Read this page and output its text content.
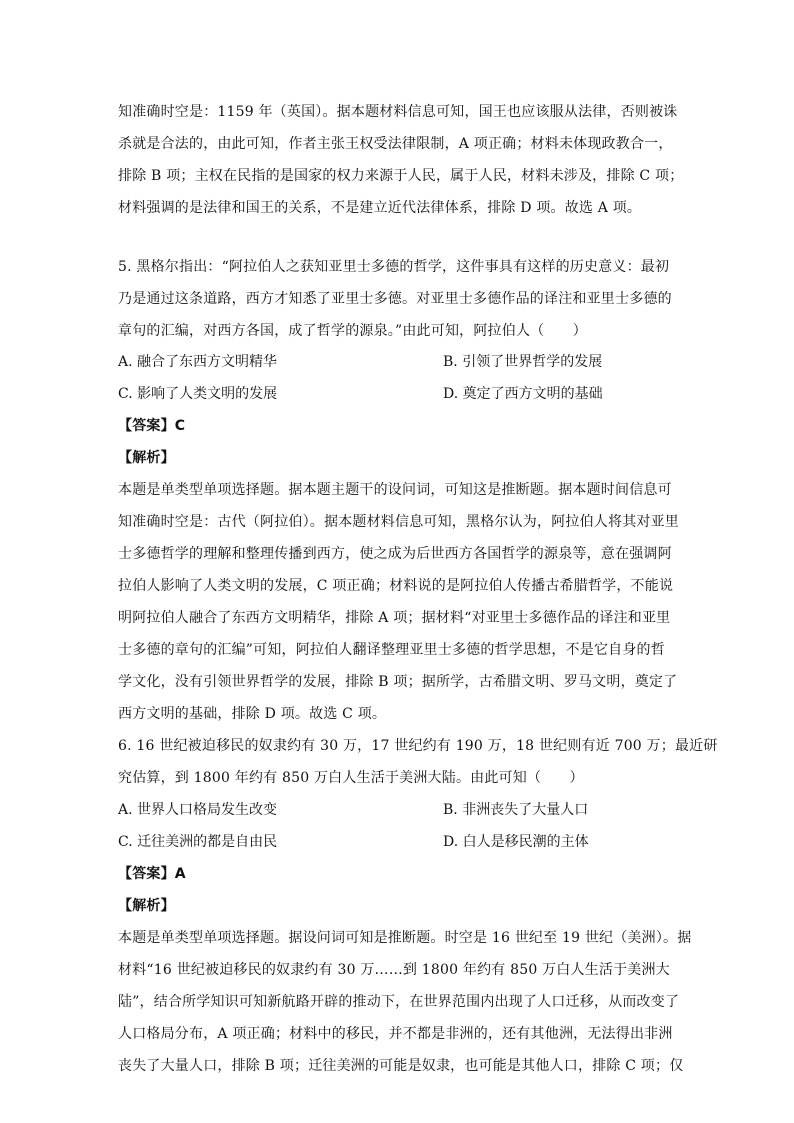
知准确时空是：1159 年（英国）。据本题材料信息可知，国王也应该服从法律，否则被诛
杀就是合法的，由此可知，作者主张王权受法律限制，A 项正确；材料未体现政教合一，
排除 B 项；主权在民指的是国家的权力来源于人民，属于人民，材料未涉及，排除 C 项；
材料强调的是法律和国王的关系，不是建立近代法律体系，排除 D 项。故选 A 项。
5. 黑格尔指出：“阿拉伯人之获知亚里士多德的哲学，这件事具有这样的历史意义：最初
乃是通过这条道路，西方才知悉了亚里士多德。对亚里士多德作品的译注和亚里士多德的
章句的汇编，对西方各国，成了哲学的源泉。”由此可知，阿拉伯人（　　）
A. 融合了东西方文明精华	B. 引领了世界哲学的发展
C. 影响了人类文明的发展	D. 奠定了西方文明的基础
【答案】C
【解析】
本题是单类型单项选择题。据本题主题干的设问词，可知这是推断题。据本题时间信息可
知准确时空是：古代（阿拉伯）。据本题材料信息可知，黑格尔认为，阿拉伯人将其对亚里
士多德哲学的理解和整理传播到西方，使之成为后世西方各国哲学的源泉等，意在强调阿
拉伯人影响了人类文明的发展，C 项正确；材料说的是阿拉伯人传播古希腊哲学，不能说
明阿拉伯人融合了东西方文明精华，排除 A 项；据材料“对亚里士多德作品的译注和亚里
士多德的章句的汇编”可知，阿拉伯人翻译整理亚里士多德的哲学思想，不是它自身的哲
学文化，没有引领世界哲学的发展，排除 B 项；据所学，古希腊文明、罗马文明，奠定了
西方文明的基础，排除 D 项。故选 C 项。
6. 16 世纪被迫移民的奴隶约有 30 万，17 世纪约有 190 万，18 世纪则有近 700 万；最近研
究估算，到 1800 年约有 850 万白人生活于美洲大陆。由此可知（　　）
A. 世界人口格局发生改变	B. 非洲丧失了大量人口
C. 迁往美洲的都是自由民	D. 白人是移民潮的主体
【答案】A
【解析】
本题是单类型单项选择题。据设问词可知是推断题。时空是 16 世纪至 19 世纪（美洲）。据
材料“16 世纪被迫移民的奴隶约有 30 万……到 1800 年约有 850 万白人生活于美洲大
陆”，结合所学知识可知新航路开辟的推动下，在世界范围内出现了人口迁移，从而改变了
人口格局分布，A 项正确；材料中的移民，并不都是非洲的，还有其他洲，无法得出非洲
丧失了大量人口，排除 B 项；迁往美洲的可能是奴隶，也可能是其他人口，排除 C 项；仅
